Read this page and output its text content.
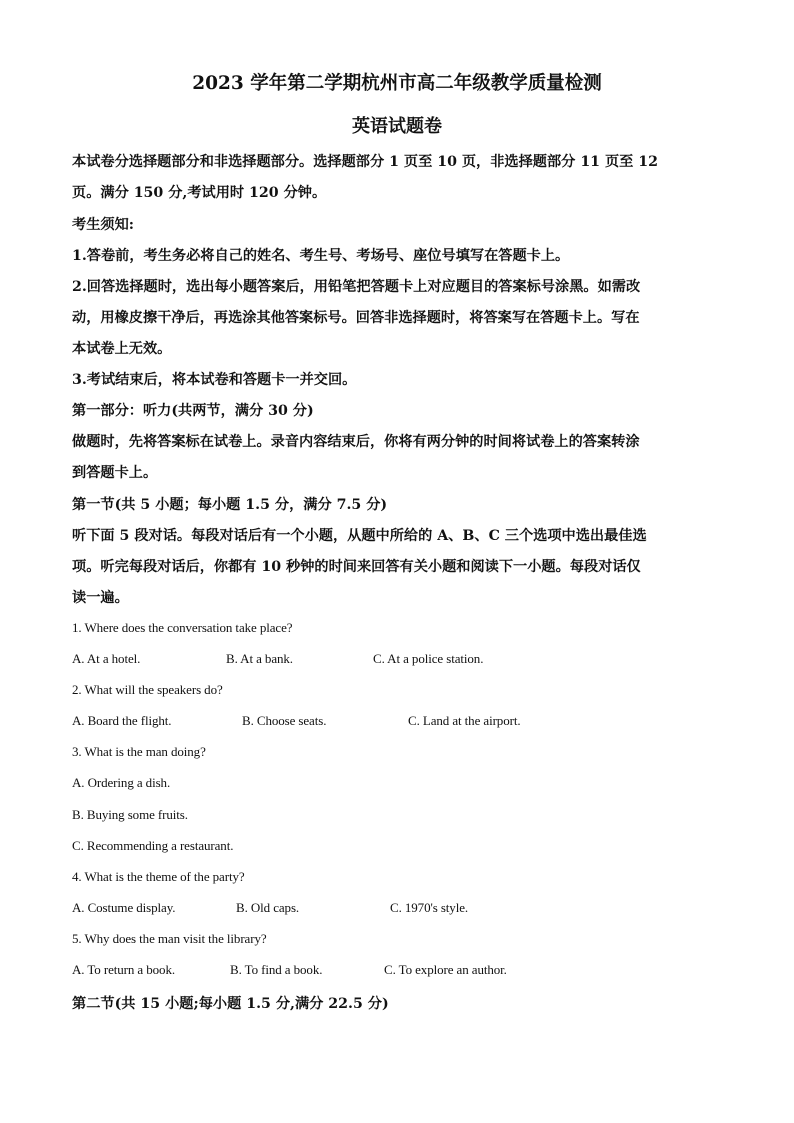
2023 学年第二学期杭州市高二年级教学质量检测
英语试题卷
本试卷分选择题部分和非选择题部分。选择题部分 1 页至 10 页，非选择题部分 11 页至 12
页。满分 150 分,考试用时 120 分钟。
考生须知:
1.答卷前，考生务必将自己的姓名、考生号、考场号、座位号填写在答题卡上。
2.回答选择题时，选出每小题答案后，用铅笔把答题卡上对应题目的答案标号涂黑。如需改
动，用橡皮擦干净后，再选涂其他答案标号。回答非选择题时，将答案写在答题卡上。写在
本试卷上无效。
3.考试结束后，将本试卷和答题卡一并交回。
第一部分：听力(共两节，满分 30 分)
做题时，先将答案标在试卷上。录音内容结束后，你将有两分钟的时间将试卷上的答案转涂
到答题卡上。
第一节(共 5 小题；每小题 1.5 分，满分 7.5 分)
听下面 5 段对话。每段对话后有一个小题，从题中所给的 A、B、C 三个选项中选出最佳选
项。听完每段对话后，你都有 10 秒钟的时间来回答有关小题和阅读下一小题。每段对话仅
读一遍。
1. Where does the conversation take place?
A. At a hotel.	B. At a bank.	C. At a police station.
2. What will the speakers do?
A. Board the flight.	B. Choose seats.	C. Land at the airport.
3. What is the man doing?
A. Ordering a dish.
B. Buying some fruits.
C. Recommending a restaurant.
4. What is the theme of the party?
A. Costume display.	B. Old caps.	C. 1970's style.
5. Why does the man visit the library?
A. To return a book.	B. To find a book.	C. To explore an author.
第二节(共 15 小题;每小题 1.5 分,满分 22.5 分)
